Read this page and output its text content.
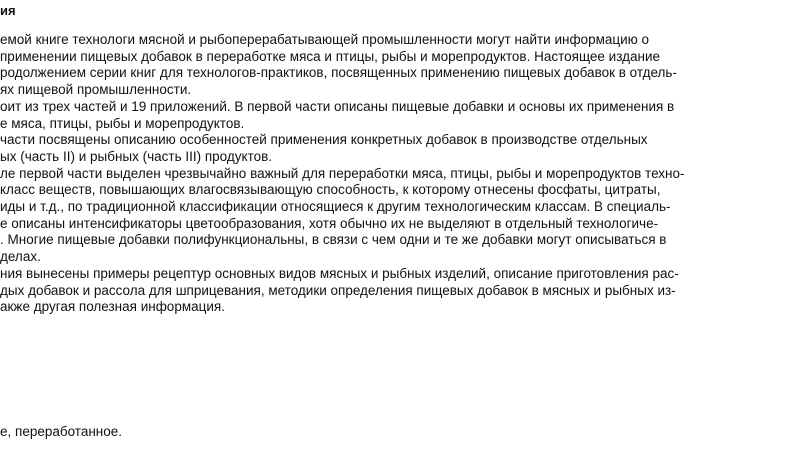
ия
емой книге технологи мясной и рыбоперерабатывающей промышленности могут найти информацию о
применении пищевых добавок в переработке мяса и птицы, рыбы и морепродуктов. Настоящее издание
родолжением серии книг для технологов-практиков, посвященных применению пищевых добавок в отдель-
ях пищевой промышленности.
оит из трех частей и 19 приложений. В первой части описаны пищевые добавки и основы их применения в
е мяса, птицы, рыбы и морепродуктов.
части посвящены описанию особенностей применения конкретных добавок в производстве отдельных
ых (часть II) и рыбных (часть III) продуктов.
ле первой части выделен чрезвычайно важный для переработки мяса, птицы, рыбы и морепродуктов техно-
класс веществ, повышающих влагосвязывающую способность, к которому отнесены фосфаты, цитраты,
иды и т.д., по традиционной классификации относящиеся к другим технологическим классам. В специаль-
е описаны интенсификаторы цветообразования, хотя обычно их не выделяют в отдельный технологиче-
. Многие пищевые добавки полифункциональны, в связи с чем одни и те же добавки могут описываться в
делах.
ния вынесены примеры рецептур основных видов мясных и рыбных изделий, описание приготовления рас-
дых добавок и рассола для шприцевания, методики определения пищевых добавок в мясных и рыбных из-
акже другая полезная информация.
е, переработанное.
